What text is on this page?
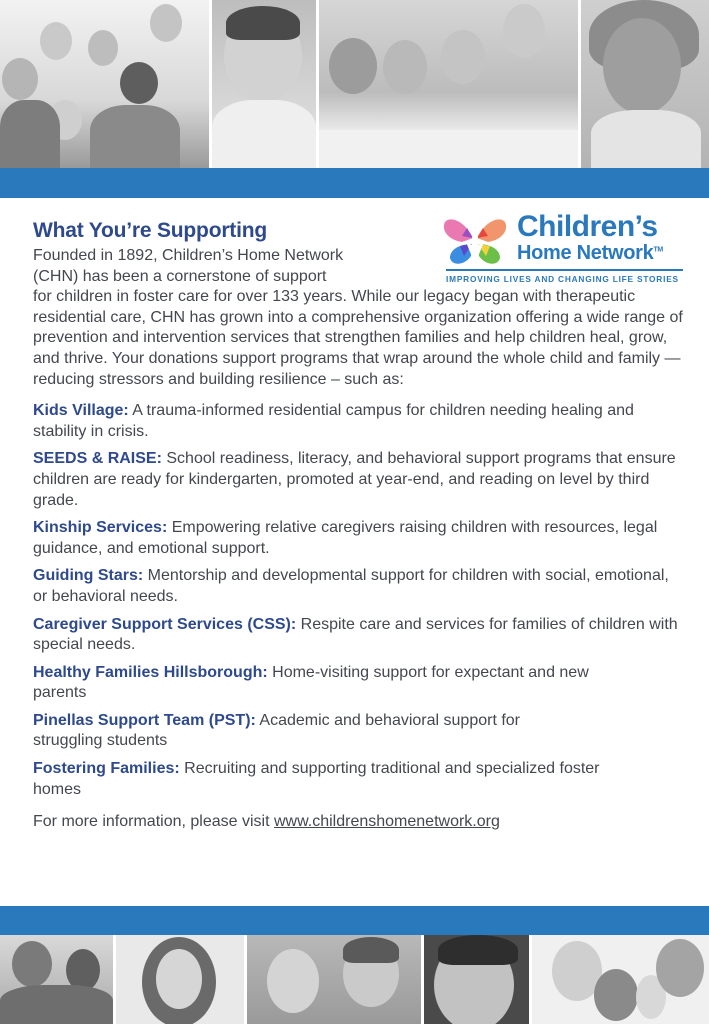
Children’s
Home Network™
IMPROVING LIVES AND CHANGING LIFE STORIES
What You’re Supporting

Founded in 1892, Children’s Home Network
(CHN) has been a cornerstone of support
for children in foster care for over 133 years. While our legacy began with therapeutic residential care, CHN has grown into a comprehensive organization offering a wide range of prevention and intervention services that strengthen families and help children heal, grow, and thrive. Your donations support programs that wrap around the whole child and family — reducing stressors and building resilience – such as:

Kids Village: A trauma-informed residential campus for children needing healing and stability in crisis.

SEEDS & RAISE: School readiness, literacy, and behavioral support programs that ensure children are ready for kindergarten, promoted at year-end, and reading on level by third grade.

Kinship Services: Empowering relative caregivers raising children with resources, legal guidance, and emotional support.

Guiding Stars: Mentorship and developmental support for children with social, emotional, or behavioral needs.

Caregiver Support Services (CSS): Respite care and services for families of children with special needs.

Healthy Families Hillsborough: Home-visiting support for expectant and new parents

Pinellas Support Team (PST): Academic and behavioral support for struggling students

Fostering Families: Recruiting and supporting traditional and specialized foster homes

For more information, please visit www.childrenshomenetwork.org
